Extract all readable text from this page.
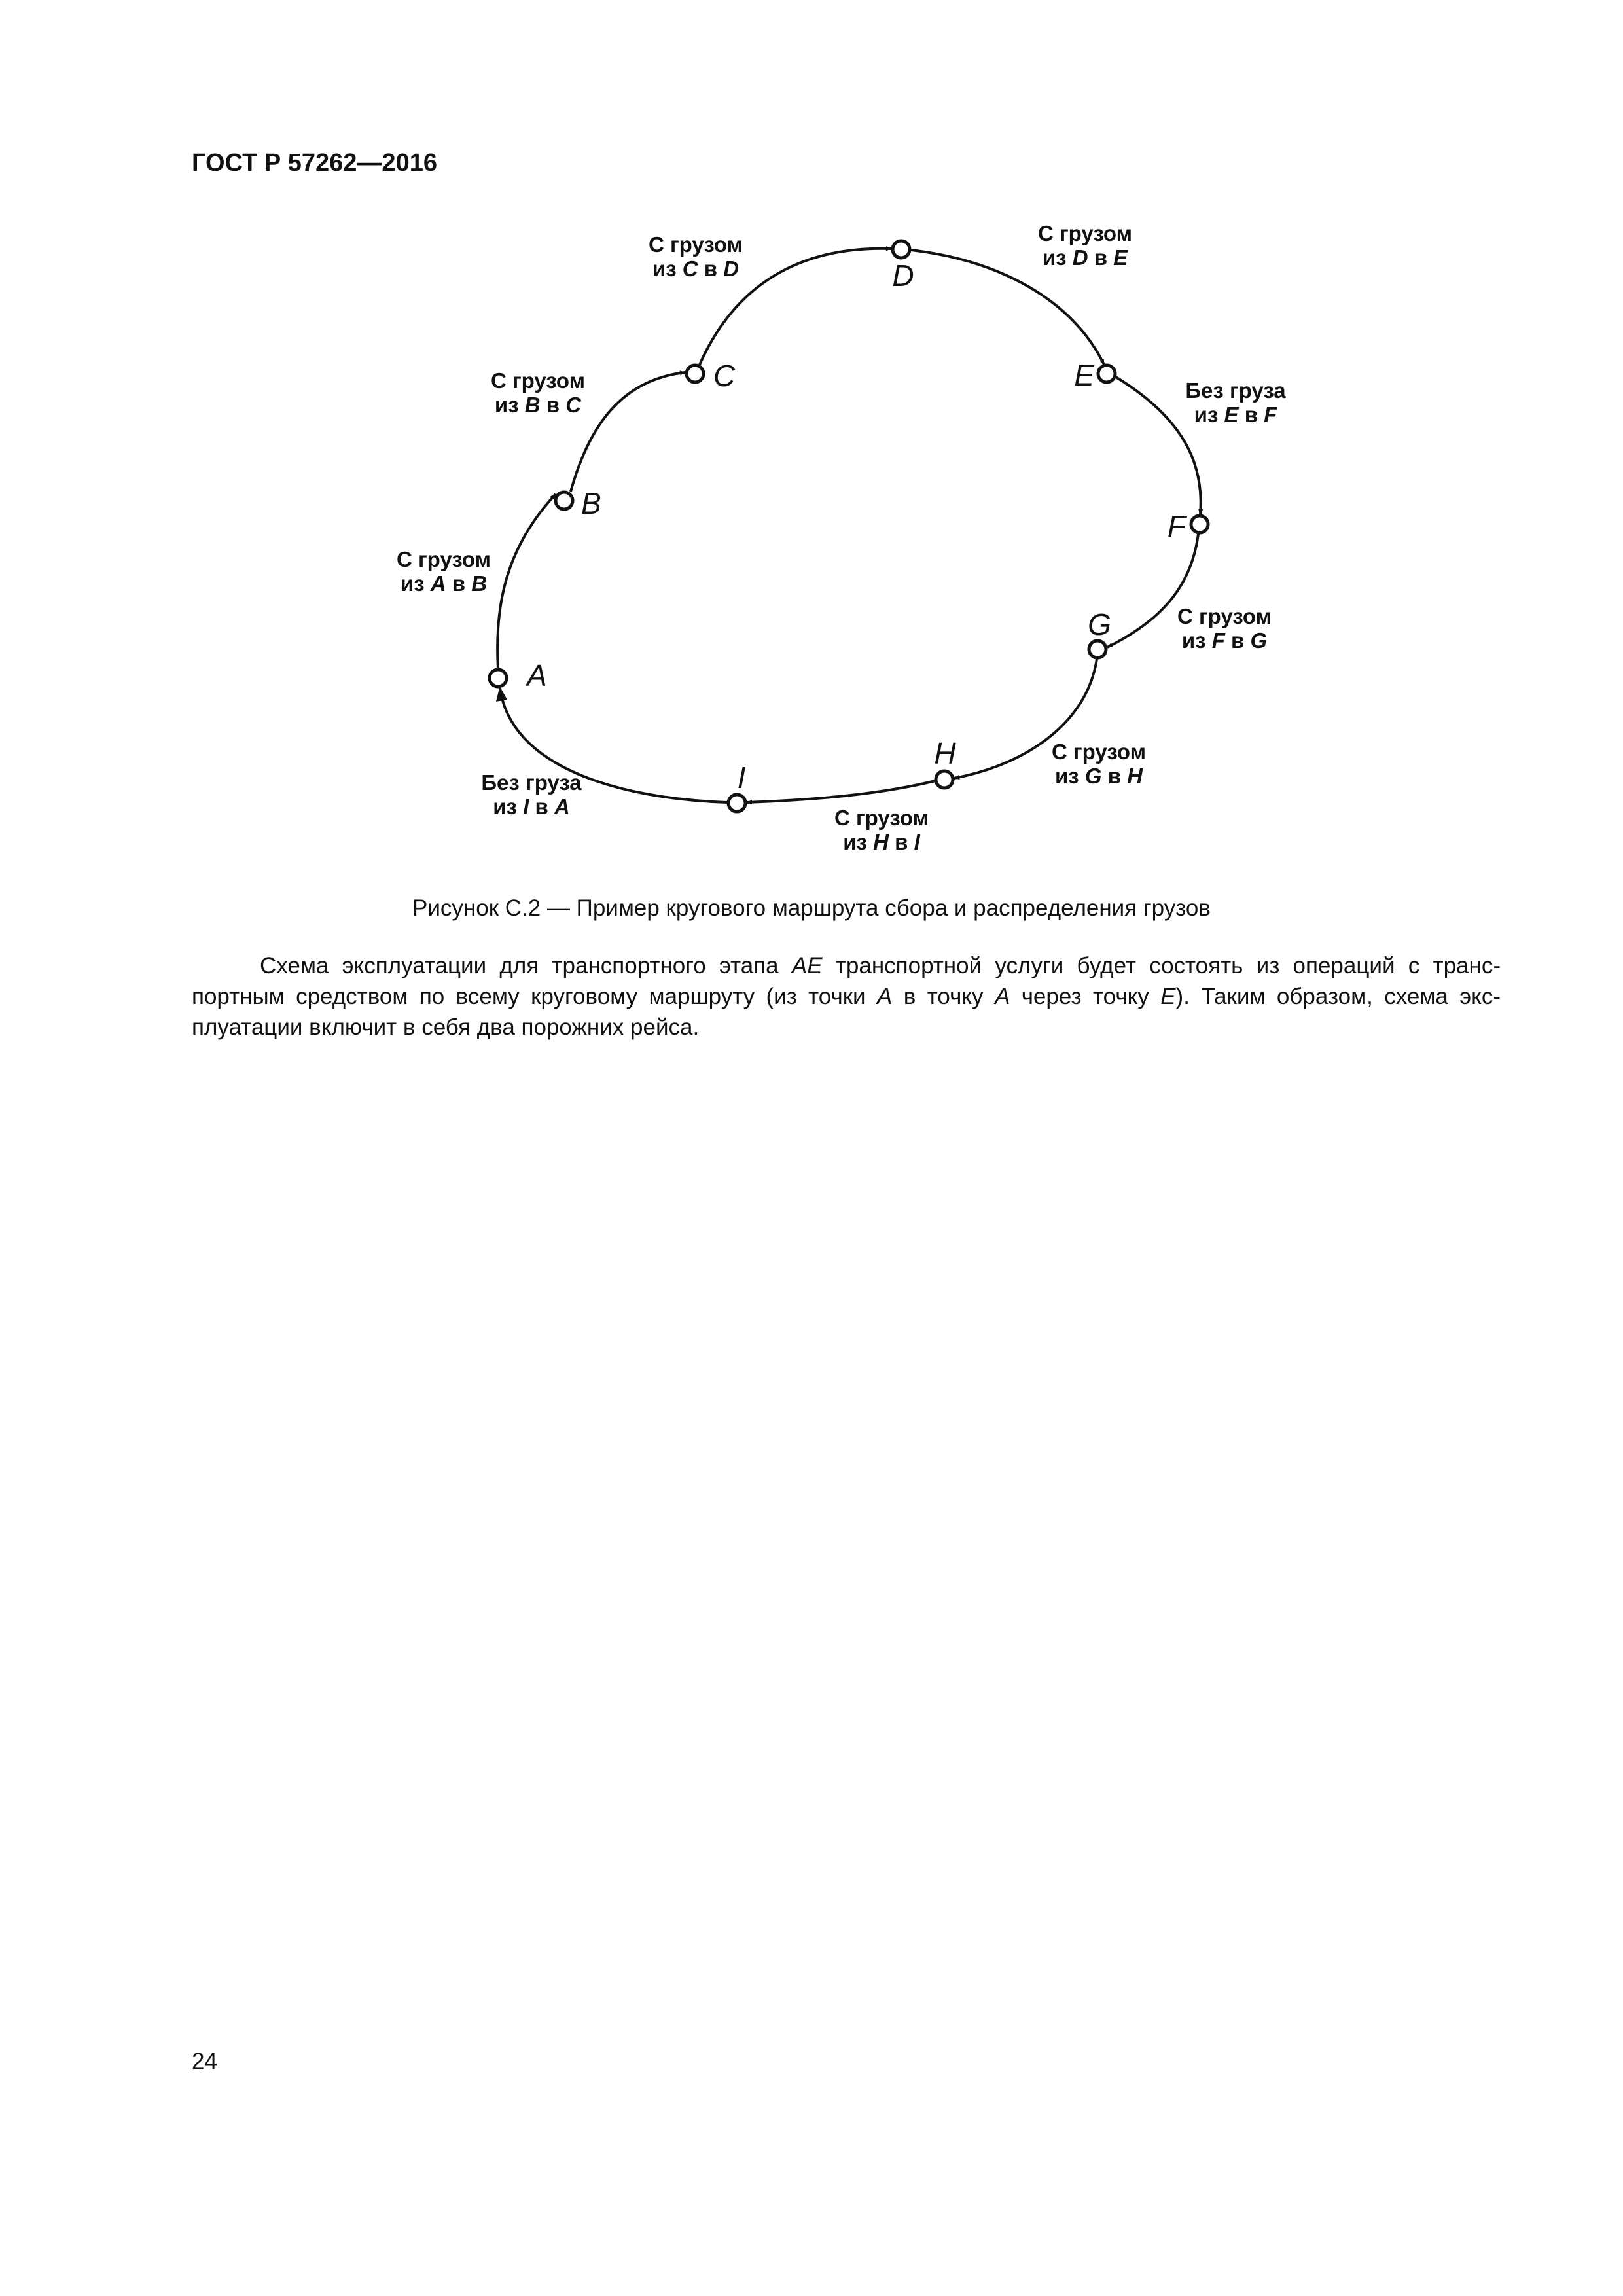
ГОСТ Р 57262—2016
A
B
C
D
E
F
G
H
I
С грузом из A в B
С грузом из B в C
С грузом из C в D
С грузом из D в E
Без груза из E в F
С грузом из F в G
С грузом из G в H
С грузом из H в I
Без груза из I в A
Рисунок С.2 — Пример кругового маршрута сбора и распределения грузов
Схема эксплуатации для транспортного этапа AE транспортной услуги будет состоять из операций с транс-
портным средством по всему круговому маршруту (из точки A в точку A через точку E). Таким образом, схема экс-
плуатации включит в себя два порожних рейса.
24
